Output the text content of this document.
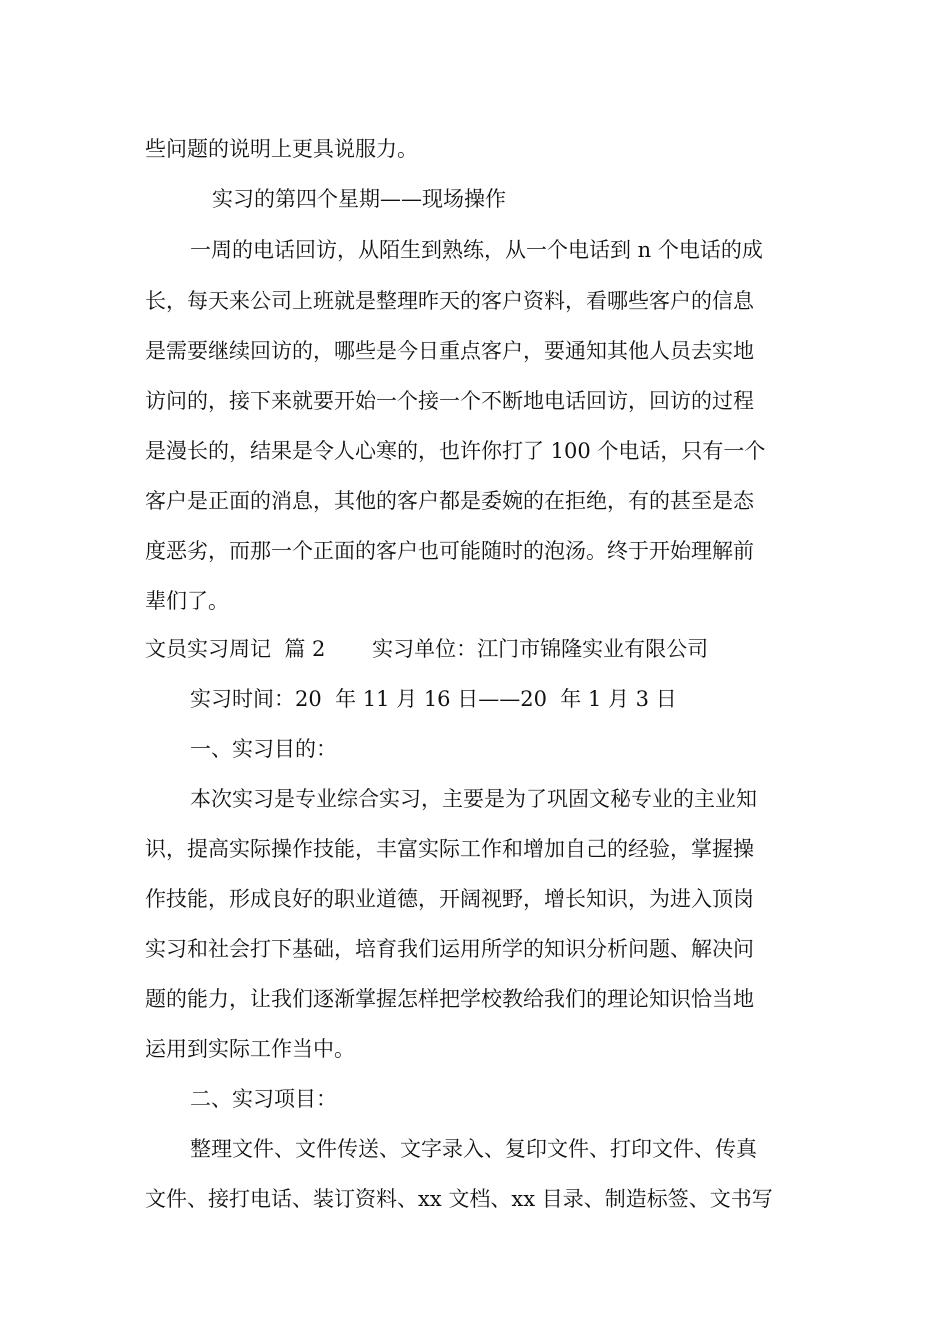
些问题的说明上更具说服力。
实习的第四个星期——现场操作
一周的电话回访，从陌生到熟练，从一个电话到 n 个电话的成
长，每天来公司上班就是整理昨天的客户资料，看哪些客户的信息
是需要继续回访的，哪些是今日重点客户，要通知其他人员去实地
访问的，接下来就要开始一个接一个不断地电话回访，回访的过程
是漫长的，结果是令人心寒的，也许你打了 100 个电话，只有一个
客户是正面的消息，其他的客户都是委婉的在拒绝，有的甚至是态
度恶劣，而那一个正面的客户也可能随时的泡汤。终于开始理解前
辈们了。
文员实习周记  篇 2       实习单位：江门市锦隆实业有限公司
实习时间：20  年 11 月 16 日——20  年 1 月 3 日
一、实习目的：
本次实习是专业综合实习，主要是为了巩固文秘专业的主业知
识，提高实际操作技能，丰富实际工作和增加自己的经验，掌握操
作技能，形成良好的职业道德，开阔视野，增长知识，为进入顶岗
实习和社会打下基础，培育我们运用所学的知识分析问题、解决问
题的能力，让我们逐渐掌握怎样把学校教给我们的理论知识恰当地
运用到实际工作当中。
二、实习项目：
整理文件、文件传送、文字录入、复印文件、打印文件、传真
文件、接打电话、装订资料、xx 文档、xx 目录、制造标签、文书写
